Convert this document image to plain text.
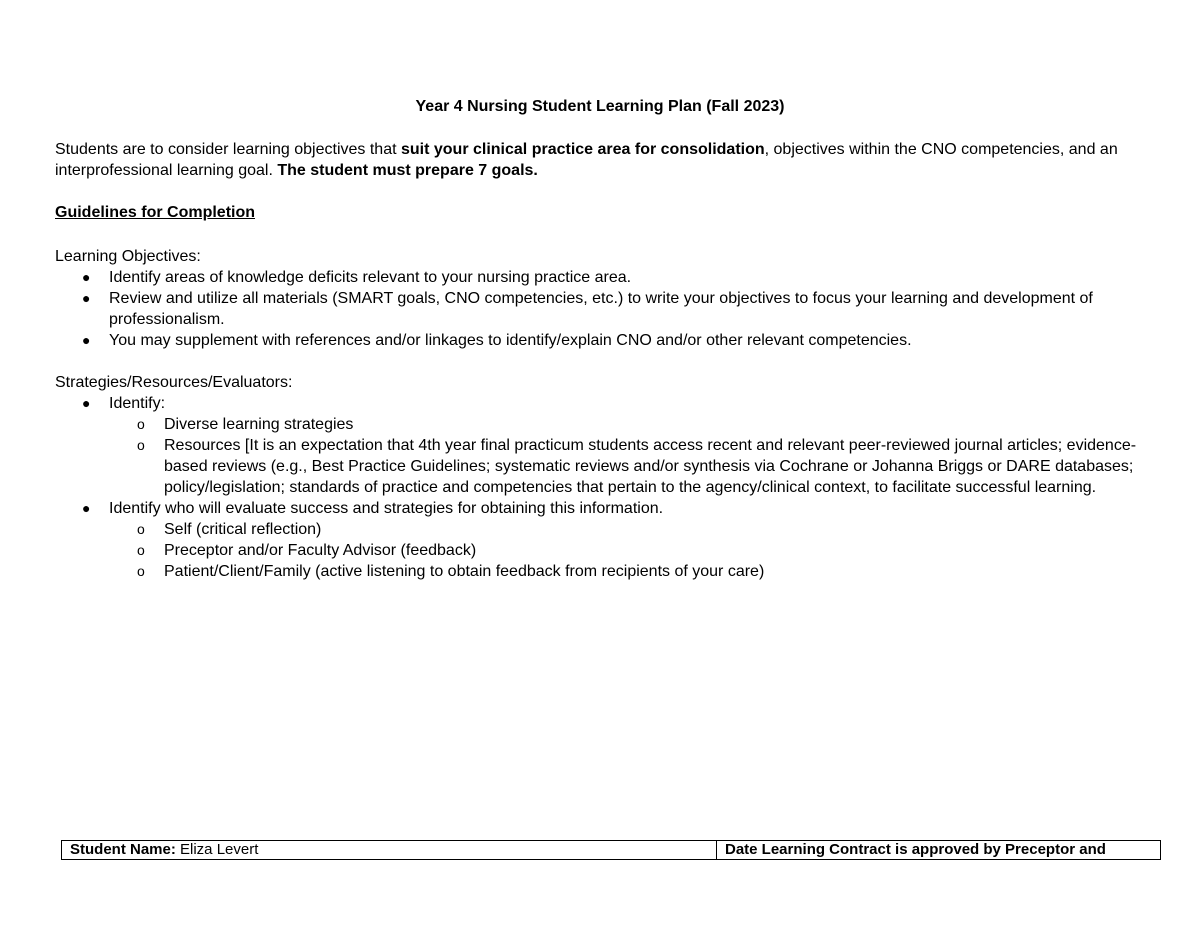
Year 4 Nursing Student Learning Plan (Fall 2023)
Students are to consider learning objectives that suit your clinical practice area for consolidation, objectives within the CNO competencies, and an interprofessional learning goal. The student must prepare 7 goals.
Guidelines for Completion
Learning Objectives:
● Identify areas of knowledge deficits relevant to your nursing practice area.
● Review and utilize all materials (SMART goals, CNO competencies, etc.) to write your objectives to focus your learning and development of professionalism.
● You may supplement with references and/or linkages to identify/explain CNO and/or other relevant competencies.
Strategies/Resources/Evaluators:
● Identify:
o Diverse learning strategies
o Resources [It is an expectation that 4th year final practicum students access recent and relevant peer-reviewed journal articles; evidence-based reviews (e.g., Best Practice Guidelines; systematic reviews and/or synthesis via Cochrane or Johanna Briggs or DARE databases; policy/legislation; standards of practice and competencies that pertain to the agency/clinical context, to facilitate successful learning.
● Identify who will evaluate success and strategies for obtaining this information.
o Self (critical reflection)
o Preceptor and/or Faculty Advisor (feedback)
o Patient/Client/Family (active listening to obtain feedback from recipients of your care)
Student Name: Eliza Levert	Date Learning Contract is approved by Preceptor and
